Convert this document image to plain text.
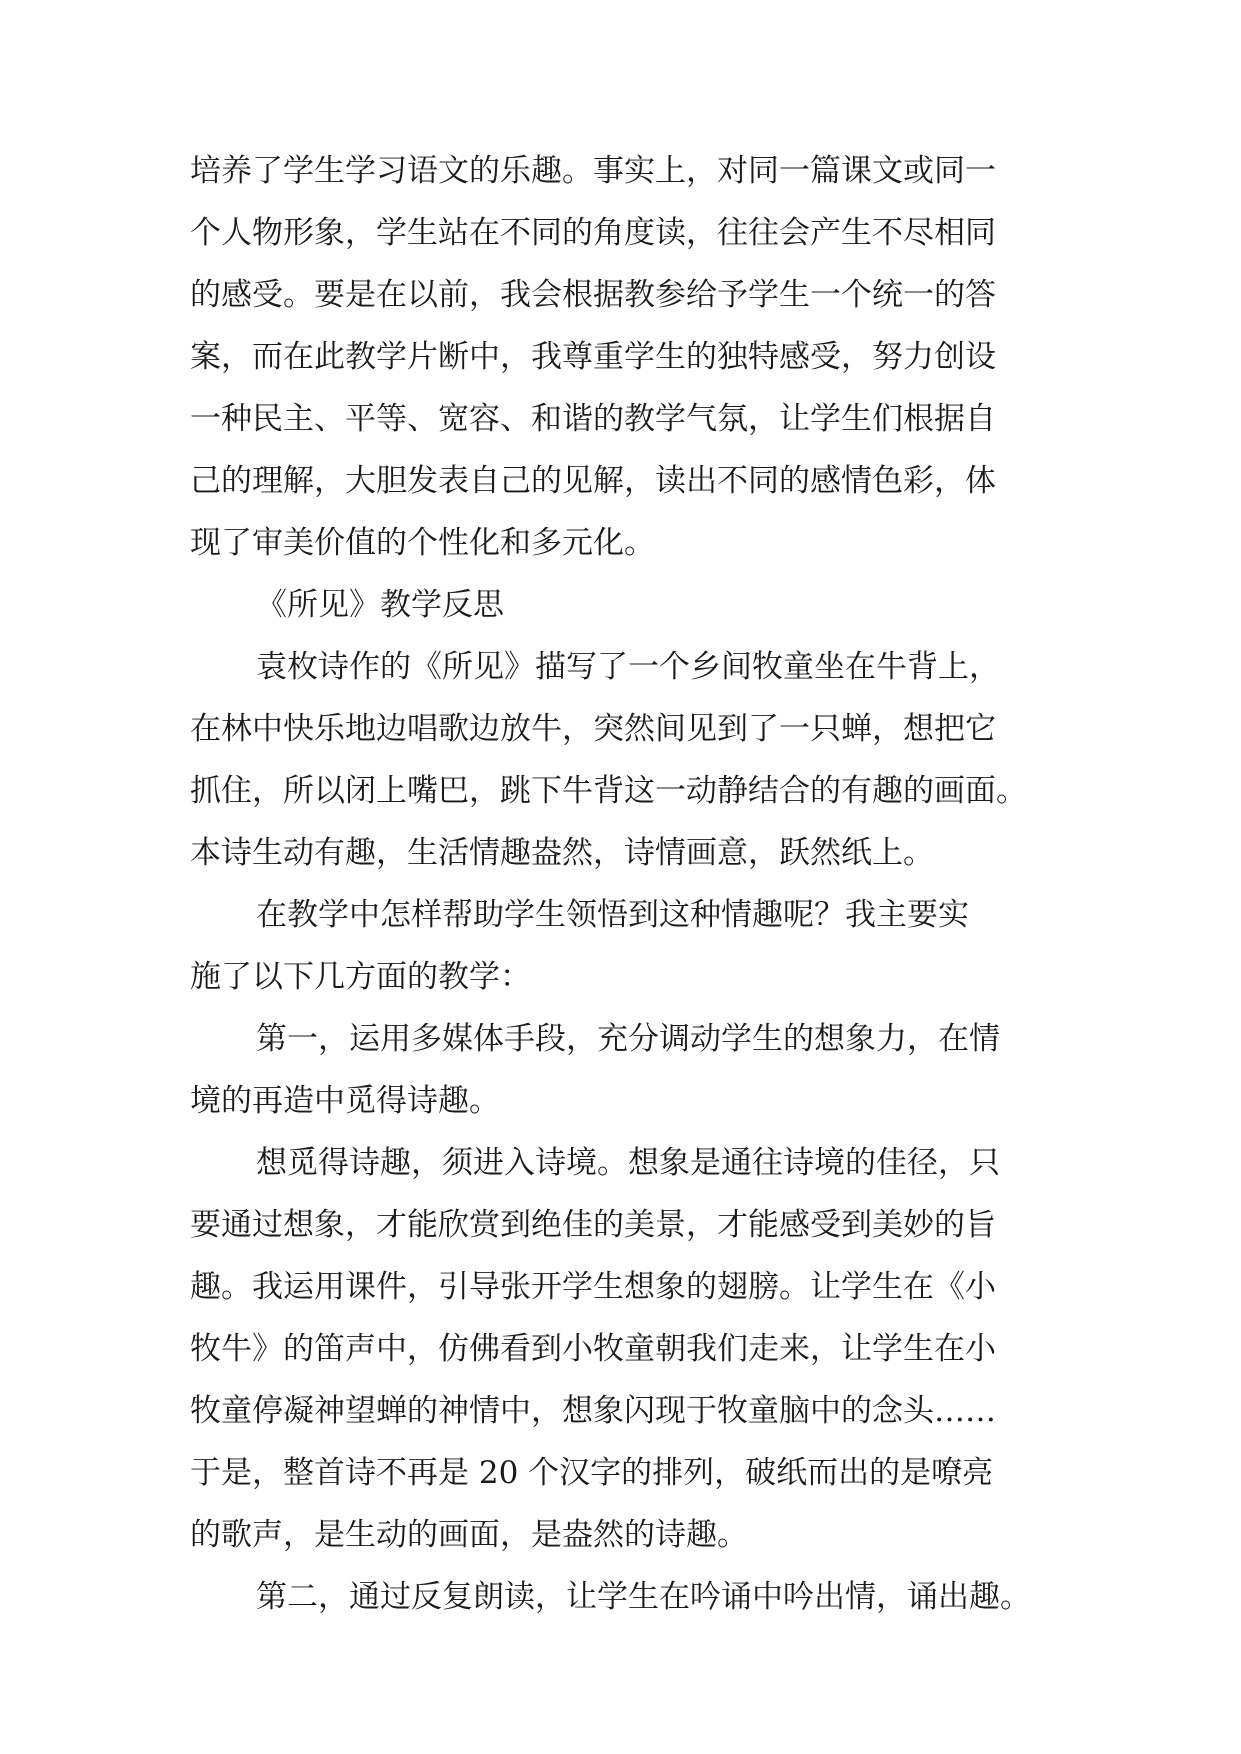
培养了学生学习语文的乐趣。事实上，对同一篇课文或同一
个人物形象，学生站在不同的角度读，往往会产生不尽相同
的感受。要是在以前，我会根据教参给予学生一个统一的答
案，而在此教学片断中，我尊重学生的独特感受，努力创设
一种民主、平等、宽容、和谐的教学气氛，让学生们根据自
己的理解，大胆发表自己的见解，读出不同的感情色彩，体
现了审美价值的个性化和多元化。
《所见》教学反思
袁枚诗作的《所见》描写了一个乡间牧童坐在牛背上，
在林中快乐地边唱歌边放牛，突然间见到了一只蝉，想把它
抓住，所以闭上嘴巴，跳下牛背这一动静结合的有趣的画面。
本诗生动有趣，生活情趣盎然，诗情画意，跃然纸上。
在教学中怎样帮助学生领悟到这种情趣呢？我主要实
施了以下几方面的教学：
第一，运用多媒体手段，充分调动学生的想象力，在情
境的再造中觅得诗趣。
想觅得诗趣，须进入诗境。想象是通往诗境的佳径，只
要通过想象，才能欣赏到绝佳的美景，才能感受到美妙的旨
趣。我运用课件，引导张开学生想象的翅膀。让学生在《小
牧牛》的笛声中，仿佛看到小牧童朝我们走来，让学生在小
牧童停凝神望蝉的神情中，想象闪现于牧童脑中的念头……
于是，整首诗不再是 20 个汉字的排列，破纸而出的是嘹亮
的歌声，是生动的画面，是盎然的诗趣。
第二，通过反复朗读，让学生在吟诵中吟出情，诵出趣。
